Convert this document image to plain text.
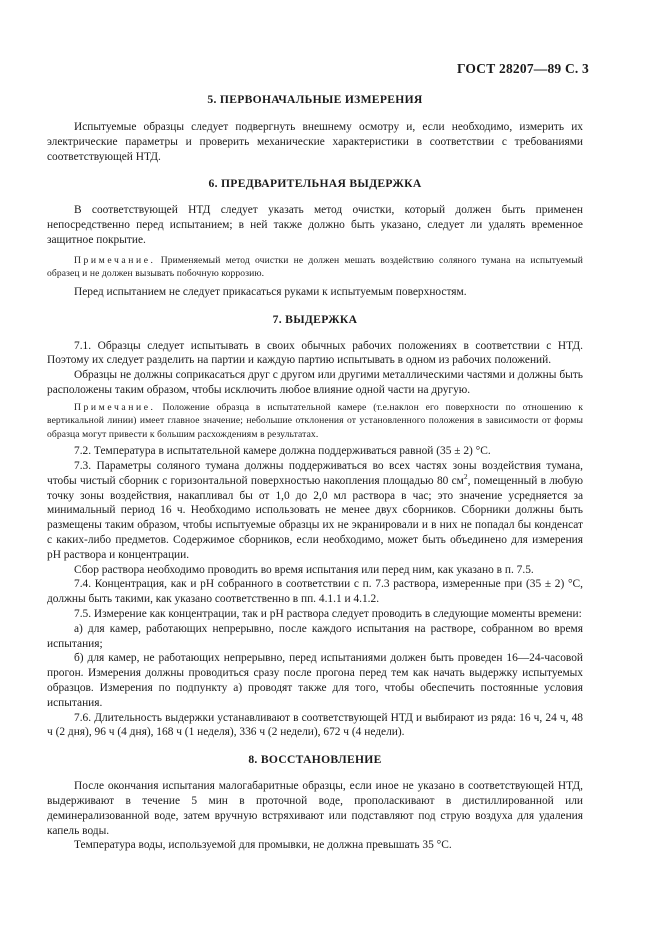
ГОСТ 28207—89 С. 3
5. ПЕРВОНАЧАЛЬНЫЕ ИЗМЕРЕНИЯ

Испытуемые образцы следует подвергнуть внешнему осмотру и, если необходимо, измерить их электрические параметры и проверить механические характеристики в соответствии с требованиями соответствующей НТД.

6. ПРЕДВАРИТЕЛЬНАЯ ВЫДЕРЖКА

В соответствующей НТД следует указать метод очистки, который должен быть применен непосредственно перед испытанием; в ней также должно быть указано, следует ли удалять временное защитное покрытие.

Примечание. Применяемый метод очистки не должен мешать воздействию соляного тумана на испытуемый образец и не должен вызывать побочную коррозию.

Перед испытанием не следует прикасаться руками к испытуемым поверхностям.

7. ВЫДЕРЖКА

7.1. Образцы следует испытывать в своих обычных рабочих положениях в соответствии с НТД. Поэтому их следует разделить на партии и каждую партию испытывать в одном из рабочих положений.

Образцы не должны соприкасаться друг с другом или другими металлическими частями и должны быть расположены таким образом, чтобы исключить любое влияние одной части на другую.

Примечание. Положение образца в испытательной камере (т.е.наклон его поверхности по отношению к вертикальной линии) имеет главное значение; небольшие отклонения от установленного положения в зависимости от формы образца могут привести к большим расхождениям в результатах.

7.2. Температура в испытательной камере должна поддерживаться равной (35 ± 2) °С.

7.3. Параметры соляного тумана должны поддерживаться во всех частях зоны воздействия тумана, чтобы чистый сборник с горизонтальной поверхностью накопления площадью 80 $см^2$, помещенный в любую точку зоны воздействия, накапливал бы от 1,0 до 2,0 мл раствора в час; это значение усредняется за минимальный период 16 ч. Необходимо использовать не менее двух сборников. Сборники должны быть размещены таким образом, чтобы испытуемые образцы их не экранировали и в них не попадал бы конденсат с каких-либо предметов. Содержимое сборников, если необходимо, может быть объединено для измерения рН раствора и концентрации.

Сбор раствора необходимо проводить во время испытания или перед ним, как указано в п. 7.5.

7.4. Концентрация, как и рН собранного в соответствии с п. 7.3 раствора, измеренные при (35 ± 2) °С, должны быть такими, как указано соответственно в пп. 4.1.1 и 4.1.2.

7.5. Измерение как концентрации, так и рН раствора следует проводить в следующие моменты времени:

а) для камер, работающих непрерывно, после каждого испытания на растворе, собранном во время испытания;

б) для камер, не работающих непрерывно, перед испытаниями должен быть проведен 16—24-часовой прогон. Измерения должны проводиться сразу после прогона перед тем как начать выдержку испытуемых образцов. Измерения по подпункту а) проводят также для того, чтобы обеспечить постоянные условия испытания.

7.6. Длительность выдержки устанавливают в соответствующей НТД и выбирают из ряда: 16 ч, 24 ч, 48 ч (2 дня), 96 ч (4 дня), 168 ч (1 неделя), 336 ч (2 недели), 672 ч (4 недели).

8. ВОССТАНОВЛЕНИЕ

После окончания испытания малогабаритные образцы, если иное не указано в соответствующей НТД, выдерживают в течение 5 мин в проточной воде, прополаскивают в дистиллированной или деминерализованной воде, затем вручную встряхивают или подставляют под струю воздуха для удаления капель воды.

Температура воды, используемой для промывки, не должна превышать 35 °С.
